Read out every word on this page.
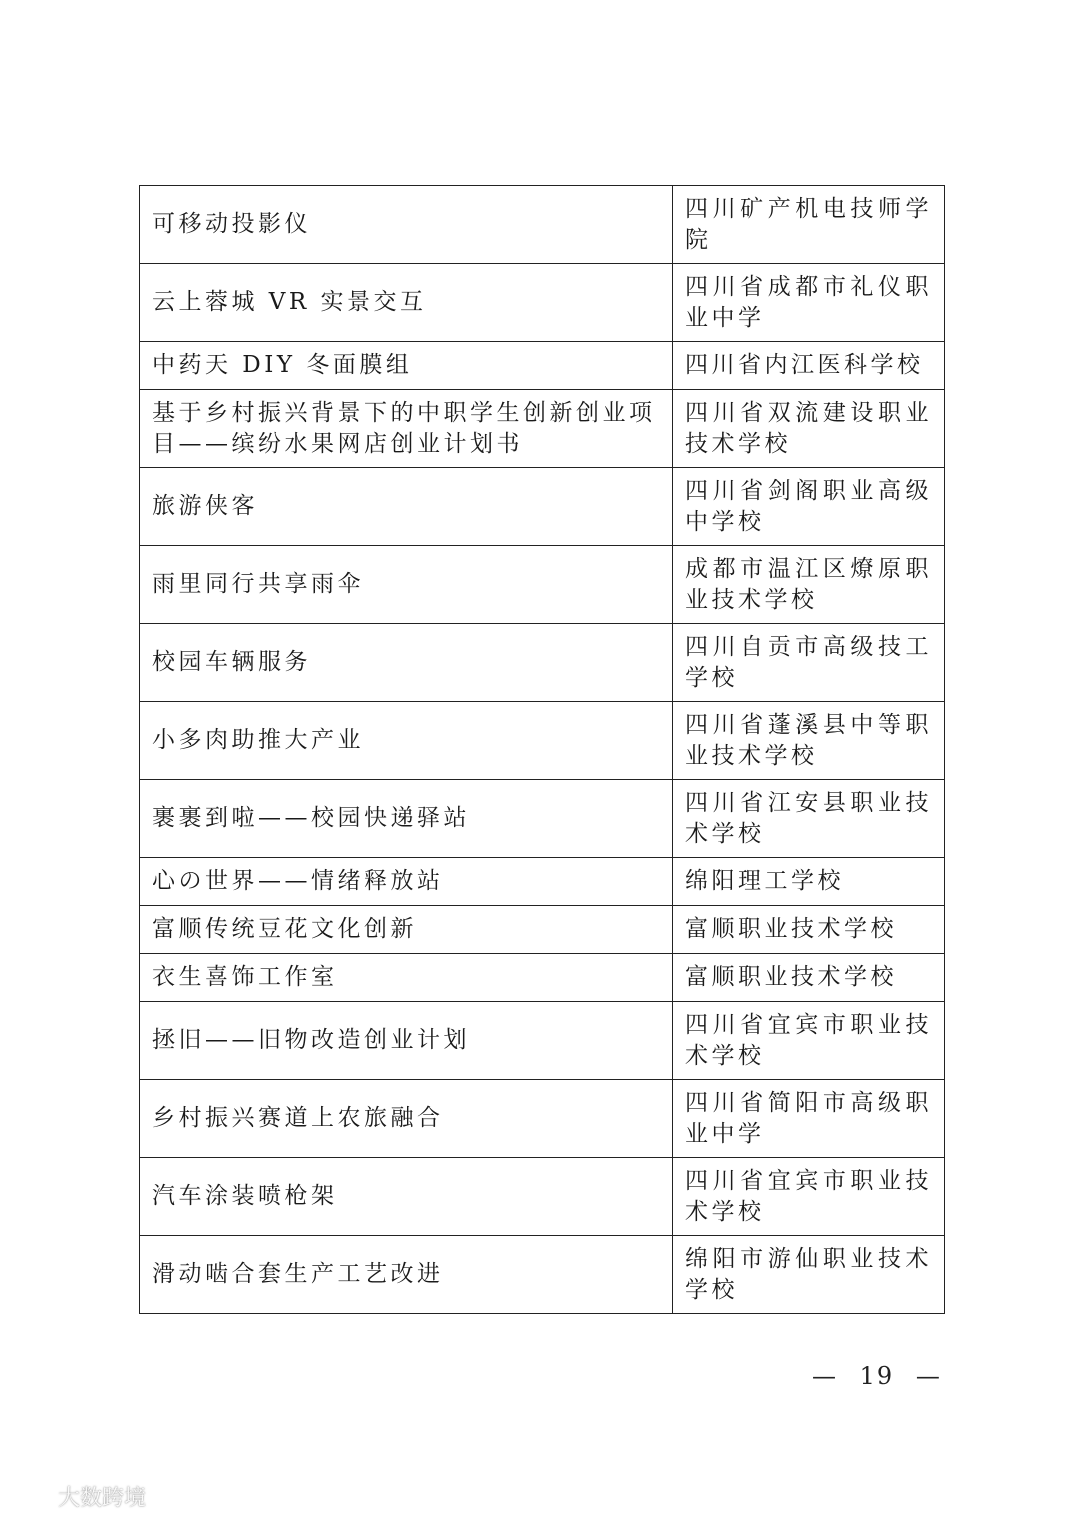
可移动投影仪	四川矿产机电技师学院
云上蓉城 VR 实景交互	四川省成都市礼仪职业中学
中药天 DIY 冬面膜组	四川省内江医科学校
基于乡村振兴背景下的中职学生创新创业项目——缤纷水果网店创业计划书	四川省双流建设职业技术学校
旅游侠客	四川省剑阁职业高级中学校
雨里同行共享雨伞	成都市温江区燎原职业技术学校
校园车辆服务	四川自贡市高级技工学校
小多肉助推大产业	四川省蓬溪县中等职业技术学校
裹裹到啦——校园快递驿站	四川省江安县职业技术学校
心の世界——情绪释放站	绵阳理工学校
富顺传统豆花文化创新	富顺职业技术学校
衣生喜饰工作室	富顺职业技术学校
拯旧——旧物改造创业计划	四川省宜宾市职业技术学校
乡村振兴赛道上农旅融合	四川省简阳市高级职业中学
汽车涂装喷枪架	四川省宜宾市职业技术学校
滑动啮合套生产工艺改进	绵阳市游仙职业技术学校
— 19 —
大数跨境
